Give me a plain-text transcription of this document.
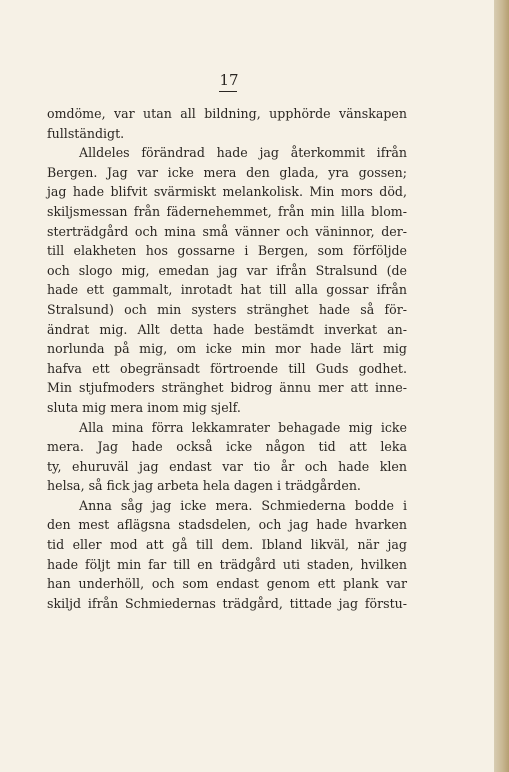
17
omdöme, var utan all bildning, upphörde vänskapen
fullständigt.
Alldeles förändrad hade jag återkommit ifrån
Bergen. Jag var icke mera den glada, yra gossen;
jag hade blifvit svärmiskt melankolisk. Min mors död,
skiljsmessan från fädernehemmet, från min lilla blom-
sterträdgård och mina små vänner och väninnor, der-
till elakheten hos gossarne i Bergen, som förföljde
och slogo mig, emedan jag var ifrån Stralsund (de
hade ett gammalt, inrotadt hat till alla gossar ifrån
Stralsund) och min systers stränghet hade så för-
ändrat mig. Allt detta hade bestämdt inverkat an-
norlunda på mig, om icke min mor hade lärt mig
hafva ett obegränsadt förtroende till Guds godhet.
Min stjufmoders stränghet bidrog ännu mer att inne-
sluta mig mera inom mig sjelf.
Alla mina förra lekkamrater behagade mig icke
mera. Jag hade också icke någon tid att leka
ty, ehuruväl jag endast var tio år och hade klen
helsa, så fick jag arbeta hela dagen i trädgården.
Anna såg jag icke mera. Schmiederna bodde i
den mest aflägsna stadsdelen, och jag hade hvarken
tid eller mod att gå till dem. Ibland likväl, när jag
hade följt min far till en trädgård uti staden, hvilken
han underhöll, och som endast genom ett plank var
skiljd ifrån Schmiedernas trädgård, tittade jag förstu-
